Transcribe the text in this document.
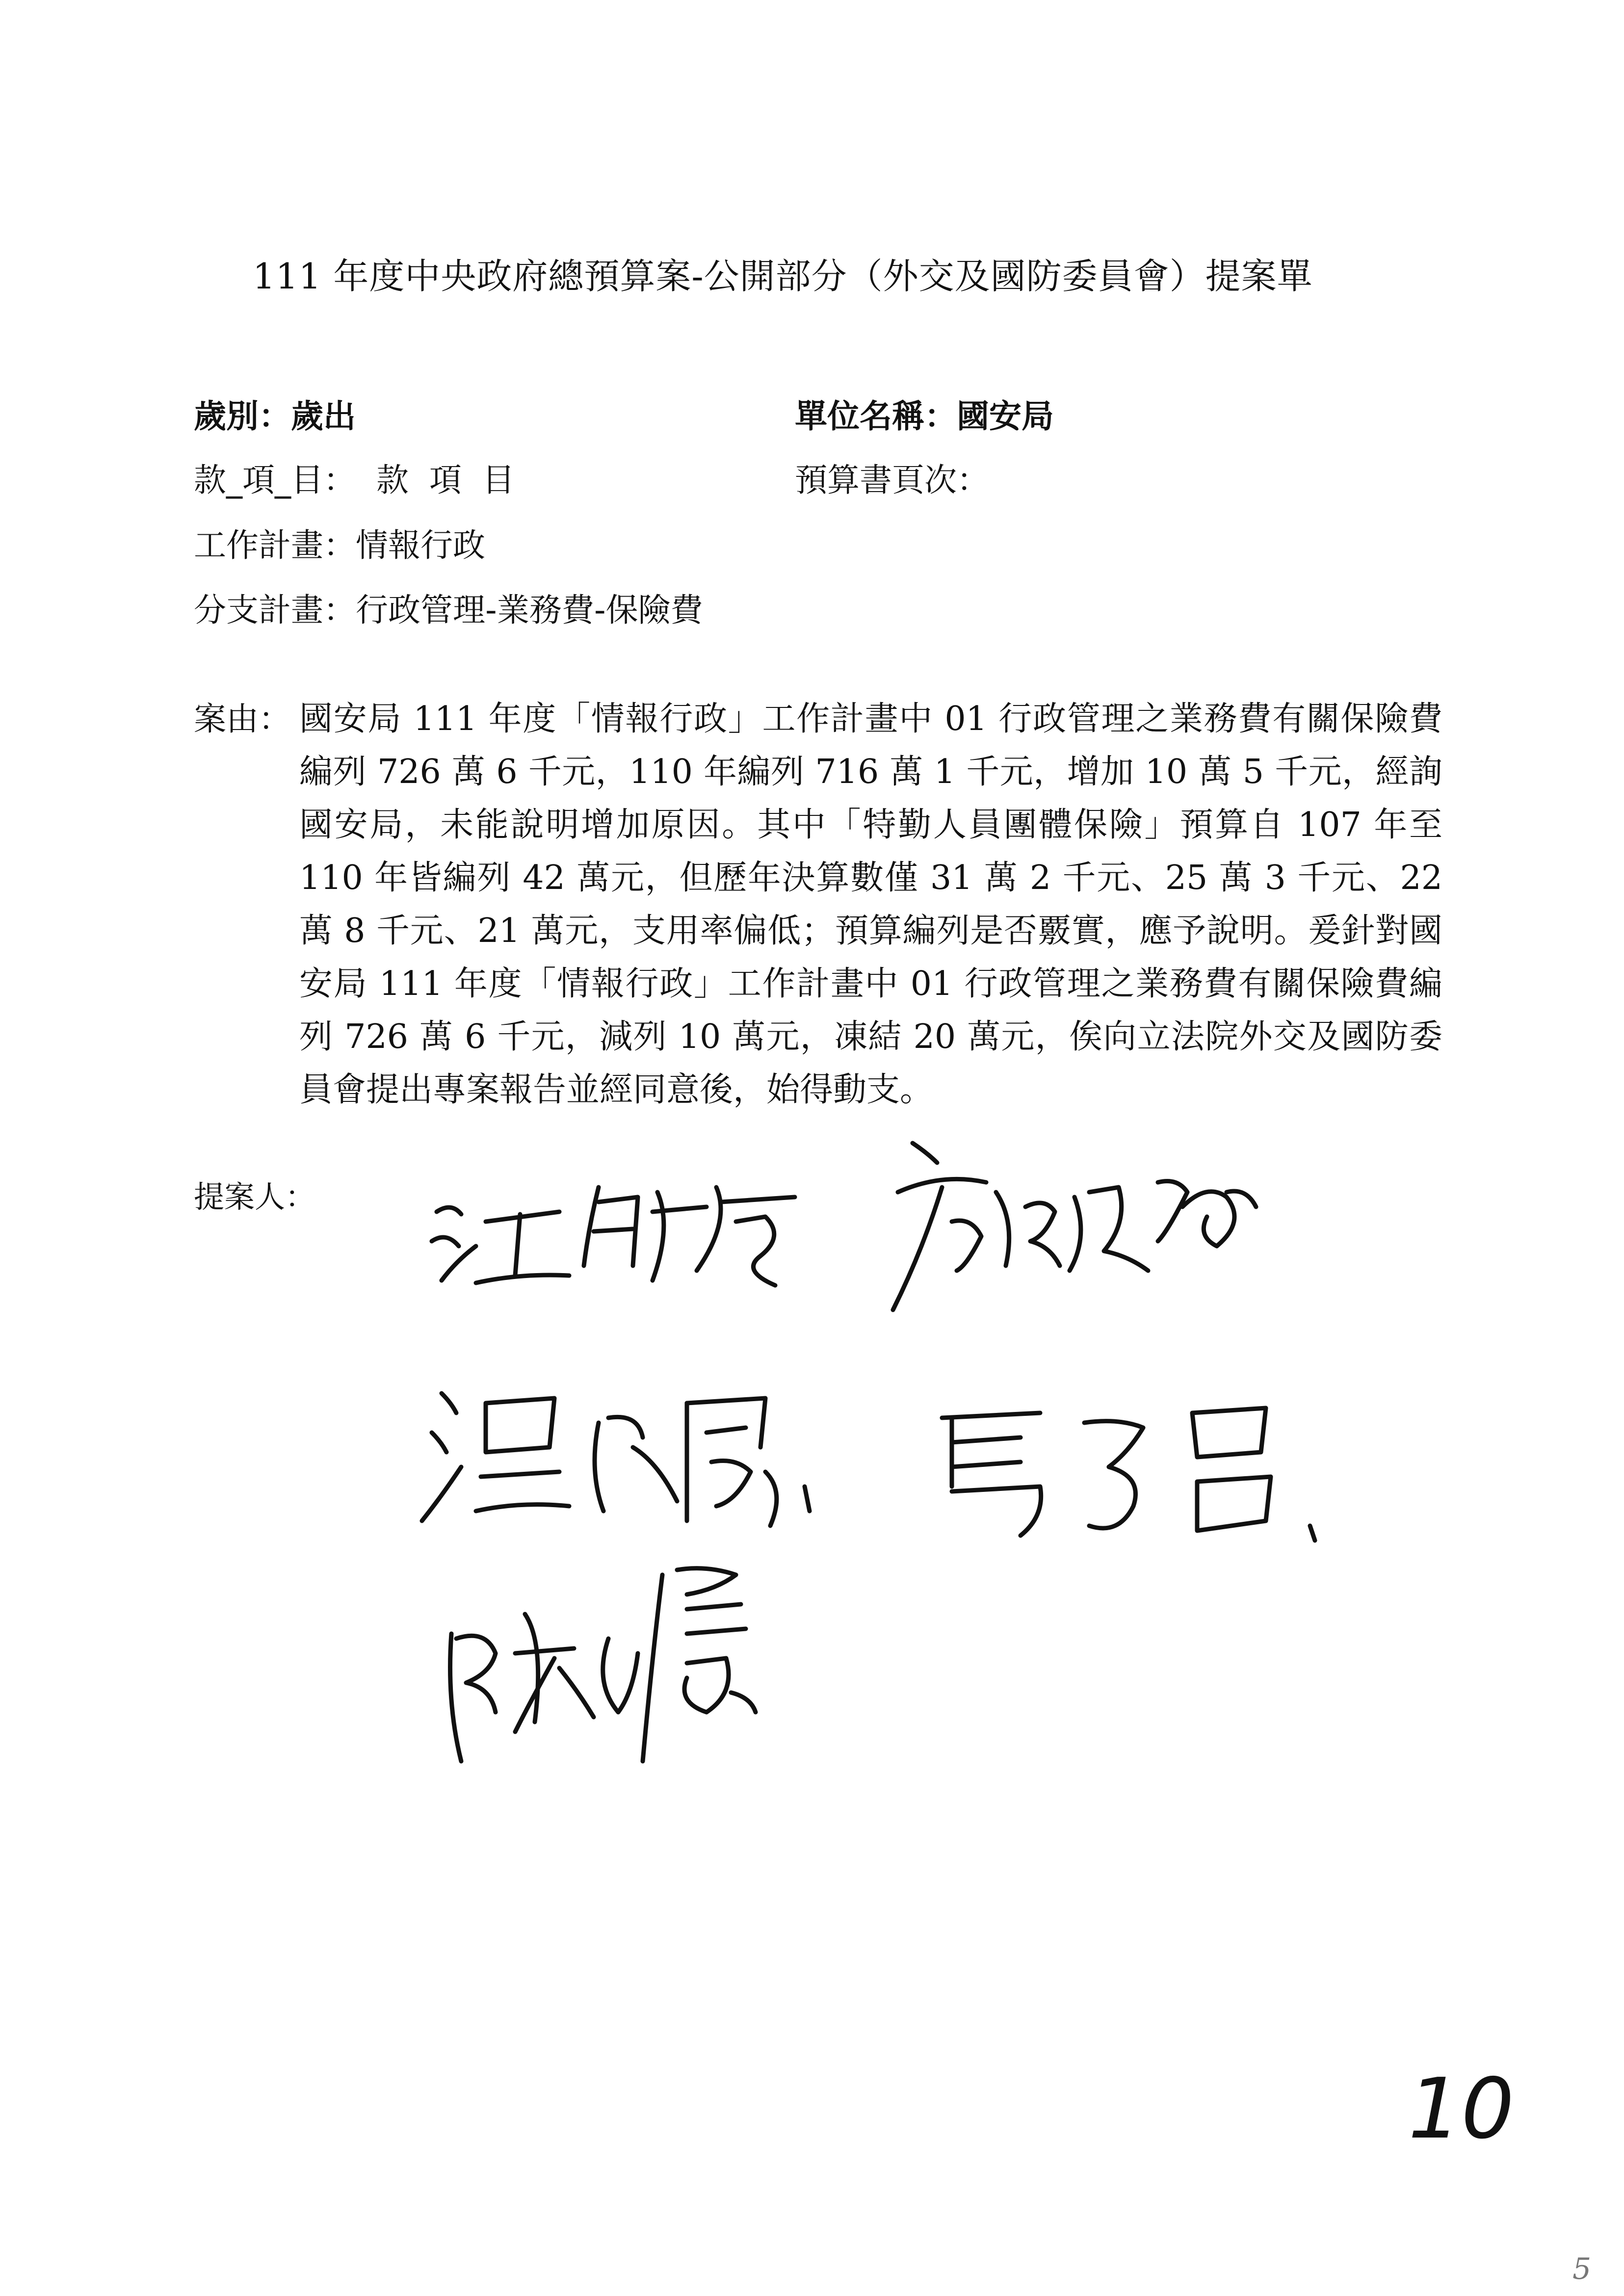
111 年度中央政府總預算案-公開部分（外交及國防委員會）提案單
歲別：歲出	單位名稱：國安局
款_項_目：  款  項  目	預算書頁次：
工作計畫：情報行政
分支計畫：行政管理-業務費-保險費
案由： 國安局 111 年度「情報行政」工作計畫中 01 行政管理之業務費有關保險費編列 726 萬 6 千元，110 年編列 716 萬 1 千元，增加 10 萬 5 千元，經詢國安局，未能說明增加原因。其中「特勤人員團體保險」預算自 107 年至 110 年皆編列 42 萬元，但歷年決算數僅 31 萬 2 千元、25 萬 3 千元、22 萬 8 千元、21 萬元，支用率偏低；預算編列是否覈實，應予說明。爰針對國安局 111 年度「情報行政」工作計畫中 01 行政管理之業務費有關保險費編列 726 萬 6 千元，減列 10 萬元，凍結 20 萬元，俟向立法院外交及國防委員會提出專案報告並經同意後，始得動支。
提案人：
10
5
